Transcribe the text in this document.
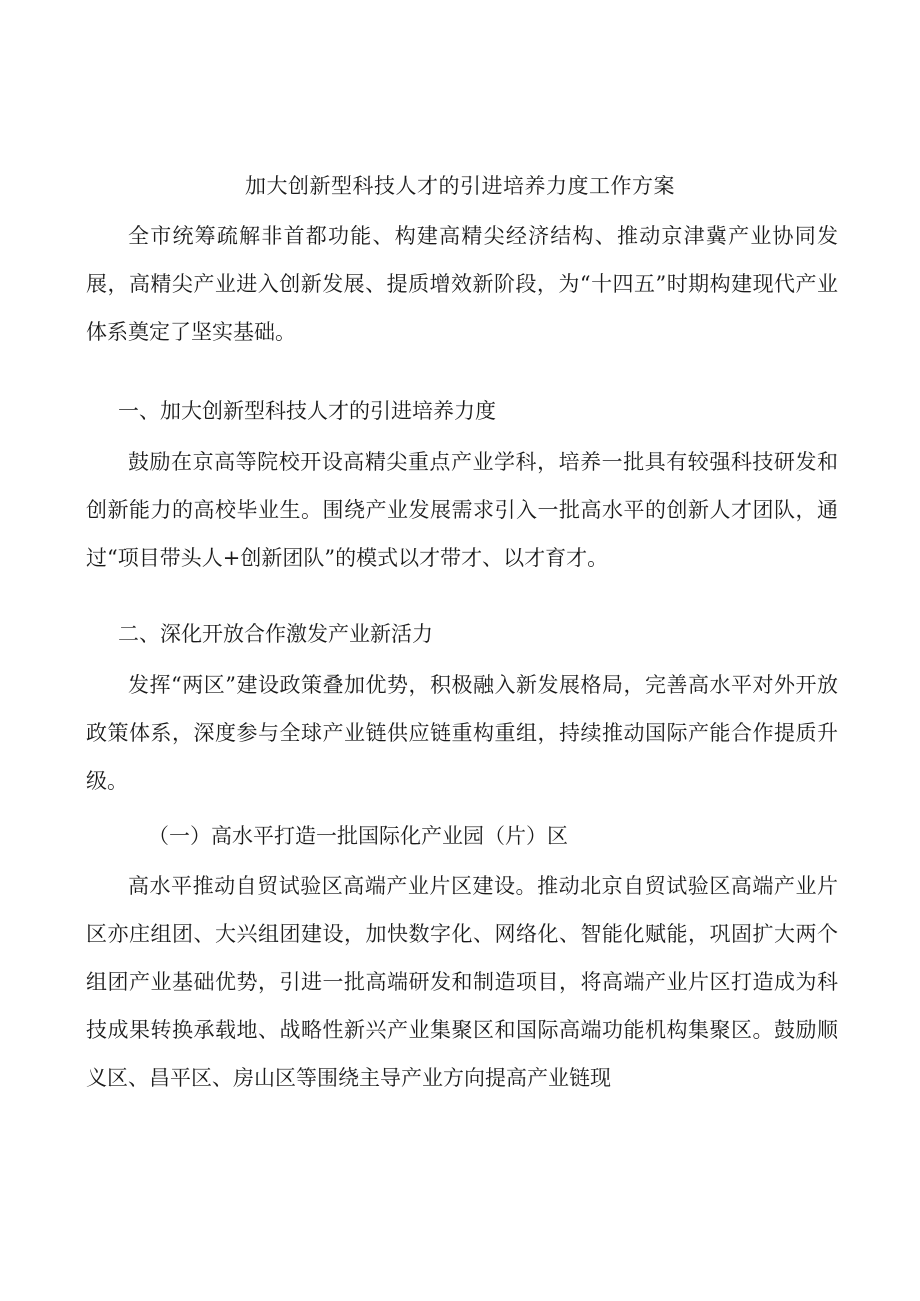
加大创新型科技人才的引进培养力度工作方案

全市统筹疏解非首都功能、构建高精尖经济结构、推动京津冀产业协同发展，高精尖产业进入创新发展、提质增效新阶段，为“十四五”时期构建现代产业体系奠定了坚实基础。

一、加大创新型科技人才的引进培养力度

鼓励在京高等院校开设高精尖重点产业学科，培养一批具有较强科技研发和创新能力的高校毕业生。围绕产业发展需求引入一批高水平的创新人才团队，通过“项目带头人+创新团队”的模式以才带才、以才育才。

二、深化开放合作激发产业新活力

发挥“两区”建设政策叠加优势，积极融入新发展格局，完善高水平对外开放政策体系，深度参与全球产业链供应链重构重组，持续推动国际产能合作提质升级。

（一）高水平打造一批国际化产业园（片）区

高水平推动自贸试验区高端产业片区建设。推动北京自贸试验区高端产业片区亦庄组团、大兴组团建设，加快数字化、网络化、智能化赋能，巩固扩大两个组团产业基础优势，引进一批高端研发和制造项目，将高端产业片区打造成为科技成果转换承载地、战略性新兴产业集聚区和国际高端功能机构集聚区。鼓励顺义区、昌平区、房山区等围绕主导产业方向提高产业链现
